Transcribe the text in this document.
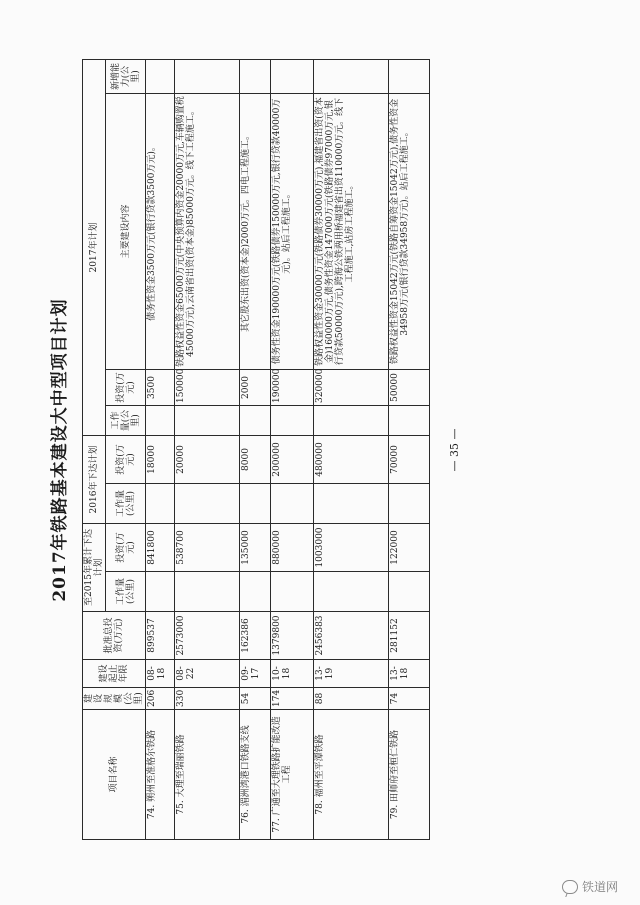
2017年铁路基本建设大中型项目计划
项目名称	建设规模(公里)	建设起止年限	批准总投资(万元)	至2015年累计下达计划		2016年下达计划		2017年计划			
				工作量(公里)	投资(万元)	工作量(公里)	投资(万元)	工作量(公里)	投资(万元)	主要建设内容	新增能力(公里)

74. 朔州至准格尔铁路	206	08-18	899537		841800		18000		3500	债务性资金3500万元(银行贷款3500万元)。	
75. 大理至瑞丽铁路	330	08-22	2573000		538700		20000		150000	铁路权益性资金65000万元(中央预算内资金20000万元,车辆购置税45000万元),云南省出资(资本金)85000万元。线下工程施工。	
76. 湄洲湾港口铁路支线	54	09-17	162386		135000		8000		2000	其它股东出资(资本金)2000万元。四电工程施工。	
77. 广通至大理铁路扩能改造工程	174	10-18	1379800		880000		200000		190000	债务性资金190000万元(铁路债券150000万元,银行贷款40000万元)。站后工程施工。	
78. 福州至平潭铁路	88	13-19	2456383		1003000		480000		320000	铁路权益性资金30000万元(铁路债券30000万元),福建省出资(资本金)160000万元,债务性资金147000万元(铁路债券97000万元,银行贷款50000万元),跨海公铁两用桥福建省出资110000万元。线下工程施工,站房工程施工。	
79. 田师府至桓仁铁路	74	13-18	281152		122000		70000		50000	铁路权益性资金15042万元(铁路自筹资金15042万元),债务性资金34958万元(银行贷款34958万元)。站后工程施工。	
— 35 —
铁道网
